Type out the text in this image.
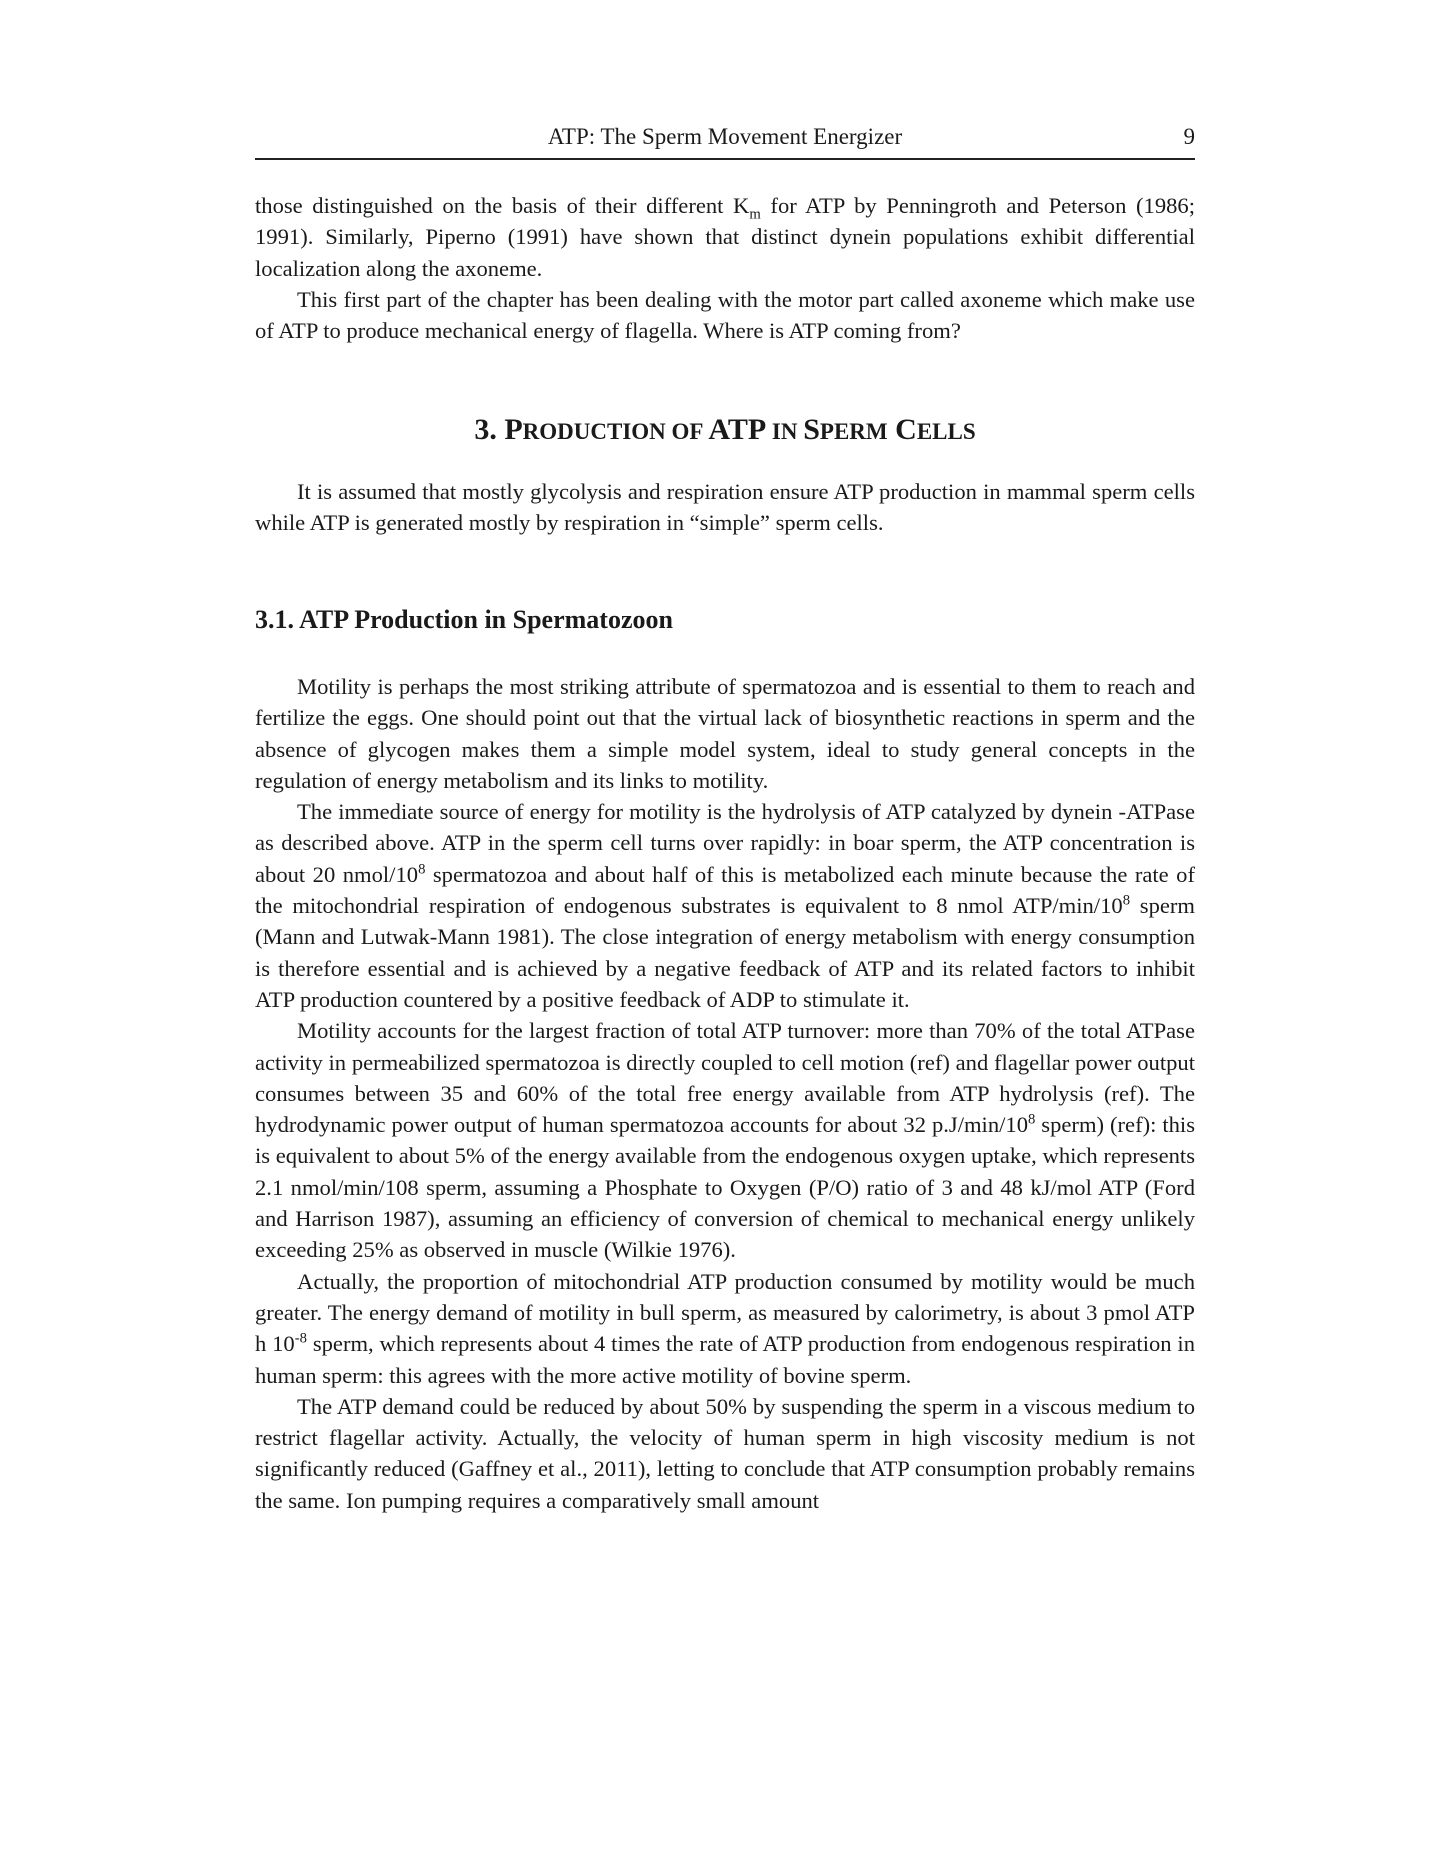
ATP: The Sperm Movement Energizer	9

those distinguished on the basis of their different $K_m$ for ATP by Penningroth and Peterson (1986; 1991). Similarly, Piperno (1991) have shown that distinct dynein populations exhibit differential localization along the axoneme.

This first part of the chapter has been dealing with the motor part called axoneme which make use of ATP to produce mechanical energy of flagella. Where is ATP coming from?

3. PRODUCTION OF ATP IN SPERM CELLS

It is assumed that mostly glycolysis and respiration ensure ATP production in mammal sperm cells while ATP is generated mostly by respiration in “simple” sperm cells.

3.1. ATP Production in Spermatozoon

Motility is perhaps the most striking attribute of spermatozoa and is essential to them to reach and fertilize the eggs. One should point out that the virtual lack of biosynthetic reactions in sperm and the absence of glycogen makes them a simple model system, ideal to study general concepts in the regulation of energy metabolism and its links to motility.

The immediate source of energy for motility is the hydrolysis of ATP catalyzed by dynein -ATPase as described above. ATP in the sperm cell turns over rapidly: in boar sperm, the ATP concentration is about 20 nmol/$10^8$ spermatozoa and about half of this is metabolized each minute because the rate of the mitochondrial respiration of endogenous substrates is equivalent to 8 nmol ATP/$\min/10^8$ sperm (Mann and Lutwak-Mann 1981). The close integration of energy metabolism with energy consumption is therefore essential and is achieved by a negative feedback of ATP and its related factors to inhibit ATP production countered by a positive feedback of ADP to stimulate it.

Motility accounts for the largest fraction of total ATP turnover: more than 70% of the total ATPase activity in permeabilized spermatozoa is directly coupled to cell motion (ref) and flagellar power output consumes between 35 and 60% of the total free energy available from ATP hydrolysis (ref). The hydrodynamic power output of human spermatozoa accounts for about 32 $p.J/\min/10^8$ sperm) (ref): this is equivalent to about 5% of the energy available from the endogenous oxygen uptake, which represents 2.1 nmol/min/108 sperm, assuming a Phosphate to Oxygen (P/O) ratio of 3 and 48 kJ/mol ATP (Ford and Harrison 1987), assuming an efficiency of conversion of chemical to mechanical energy unlikely exceeding 25% as observed in muscle (Wilkie 1976).

Actually, the proportion of mitochondrial ATP production consumed by motility would be much greater. The energy demand of motility in bull sperm, as measured by calorimetry, is about 3 pmol ATP h $10^{-8}$ sperm, which represents about 4 times the rate of ATP production from endogenous respiration in human sperm: this agrees with the more active motility of bovine sperm.

The ATP demand could be reduced by about 50% by suspending the sperm in a viscous medium to restrict flagellar activity. Actually, the velocity of human sperm in high viscosity medium is not significantly reduced (Gaffney et al., 2011), letting to conclude that ATP consumption probably remains the same. Ion pumping requires a comparatively small amount
